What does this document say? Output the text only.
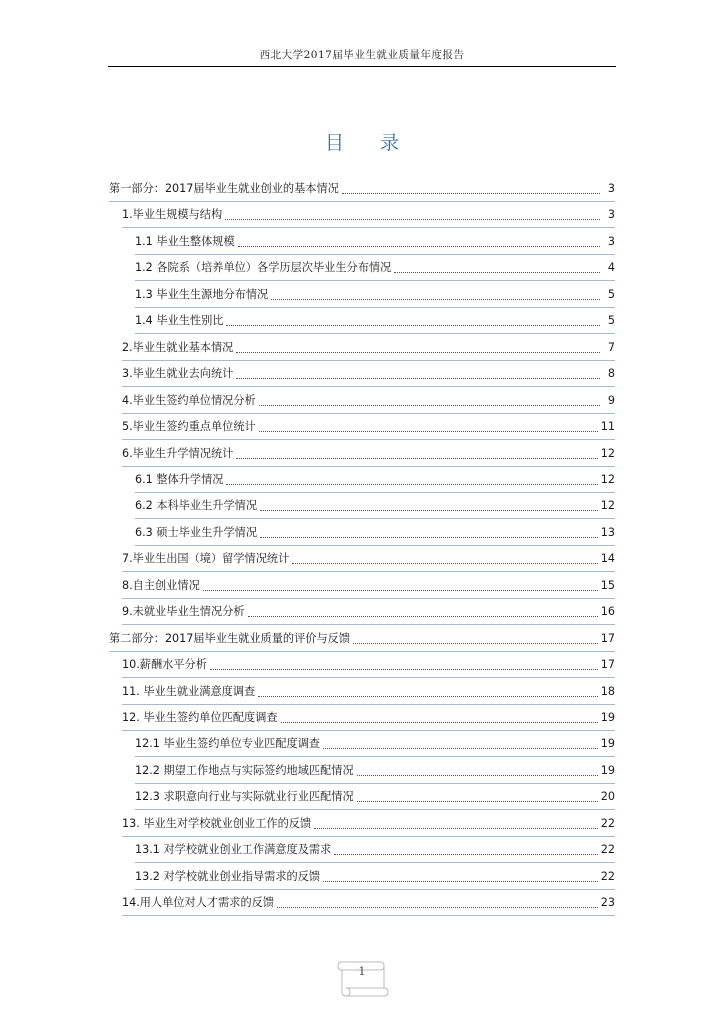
西北大学2017届毕业生就业质量年度报告
目 录
第一部分：2017届毕业生就业创业的基本情况	3
1.毕业生规模与结构	3
1.1 毕业生整体规模	3
1.2 各院系（培养单位）各学历层次毕业生分布情况	4
1.3 毕业生生源地分布情况	5
1.4 毕业生性别比	5
2.毕业生就业基本情况	7
3.毕业生就业去向统计	8
4.毕业生签约单位情况分析	9
5.毕业生签约重点单位统计	11
6.毕业生升学情况统计	12
6.1 整体升学情况	12
6.2 本科毕业生升学情况	12
6.3 硕士毕业生升学情况	13
7.毕业生出国（境）留学情况统计	14
8.自主创业情况	15
9.未就业毕业生情况分析	16
第二部分：2017届毕业生就业质量的评价与反馈	17
10.薪酬水平分析	17
11. 毕业生就业满意度调查	18
12. 毕业生签约单位匹配度调查	19
12.1 毕业生签约单位专业匹配度调查	19
12.2 期望工作地点与实际签约地域匹配情况	19
12.3 求职意向行业与实际就业行业匹配情况	20
13. 毕业生对学校就业创业工作的反馈	22
13.1 对学校就业创业工作满意度及需求	22
13.2 对学校就业创业指导需求的反馈	22
14.用人单位对人才需求的反馈	23
1
